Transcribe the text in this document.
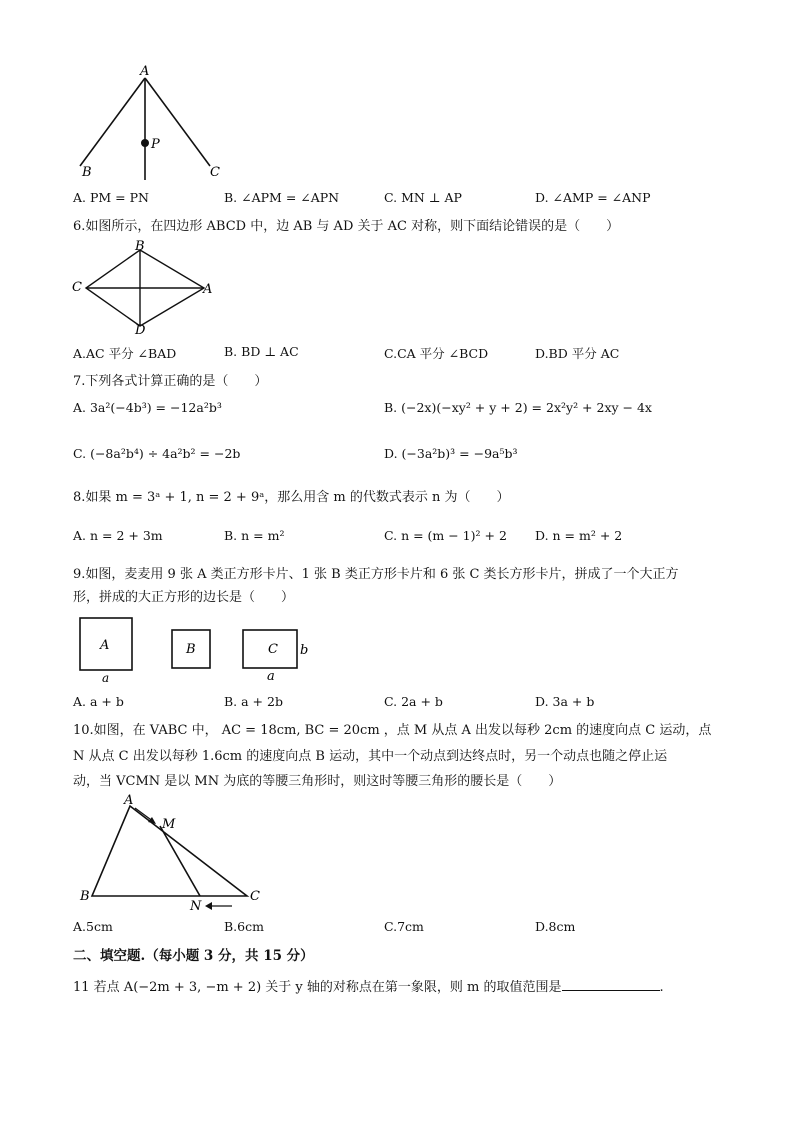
A
P
B	C
A. PM = PN	B. ∠APM = ∠APN	C. MN ⊥ AP	D. ∠AMP = ∠ANP
6.如图所示，在四边形 ABCD 中，边 AB 与 AD 关于 AC 对称，则下面结论错误的是（　　）
B
C	A
D
A.AC 平分 ∠BAD	B. BD ⊥ AC	C.CA 平分 ∠BCD	D.BD 平分 AC
7.下列各式计算正确的是（　　）
A. 3a²(−4b³) = −12a²b³	B. (−2x)(−xy² + y + 2) = 2x²y² + 2xy − 4x
C. (−8a²b⁴) ÷ 4a²b² = −2b	D. (−3a²b)³ = −9a⁵b³
8.如果 m = 3ᵃ + 1, n = 2 + 9ᵃ，那么用含 m 的代数式表示 n 为（　　）
A. n = 2 + 3m	B. n = m²	C. n = (m − 1)² + 2 D. n = m² + 2
9.如图，麦麦用 9 张 A 类正方形卡片、1 张 B 类正方形卡片和 6 张 C 类长方形卡片，拼成了一个大正方
形，拼成的大正方形的边长是（　　）
A
a
B	C b
a
A. a + b	B. a + 2b	C. 2a + b	D. 3a + b
10.如图，在 VABC 中， AC = 18cm, BC = 20cm ，点 M 从点 A 出发以每秒 2cm 的速度向点 C 运动，点
N 从点 C 出发以每秒 1.6cm 的速度向点 B 运动，其中一个动点到达终点时，另一个动点也随之停止运
动，当 VCMN 是以 MN 为底的等腰三角形时，则这时等腰三角形的腰长是（　　）
A
M
B	C
N
A.5cm	B.6cm	C.7cm	D.8cm
二、填空题.（每小题 3 分，共 15 分）
11 若点 A(−2m + 3, −m + 2) 关于 y 轴的对称点在第一象限，则 m 的取值范围是	.
